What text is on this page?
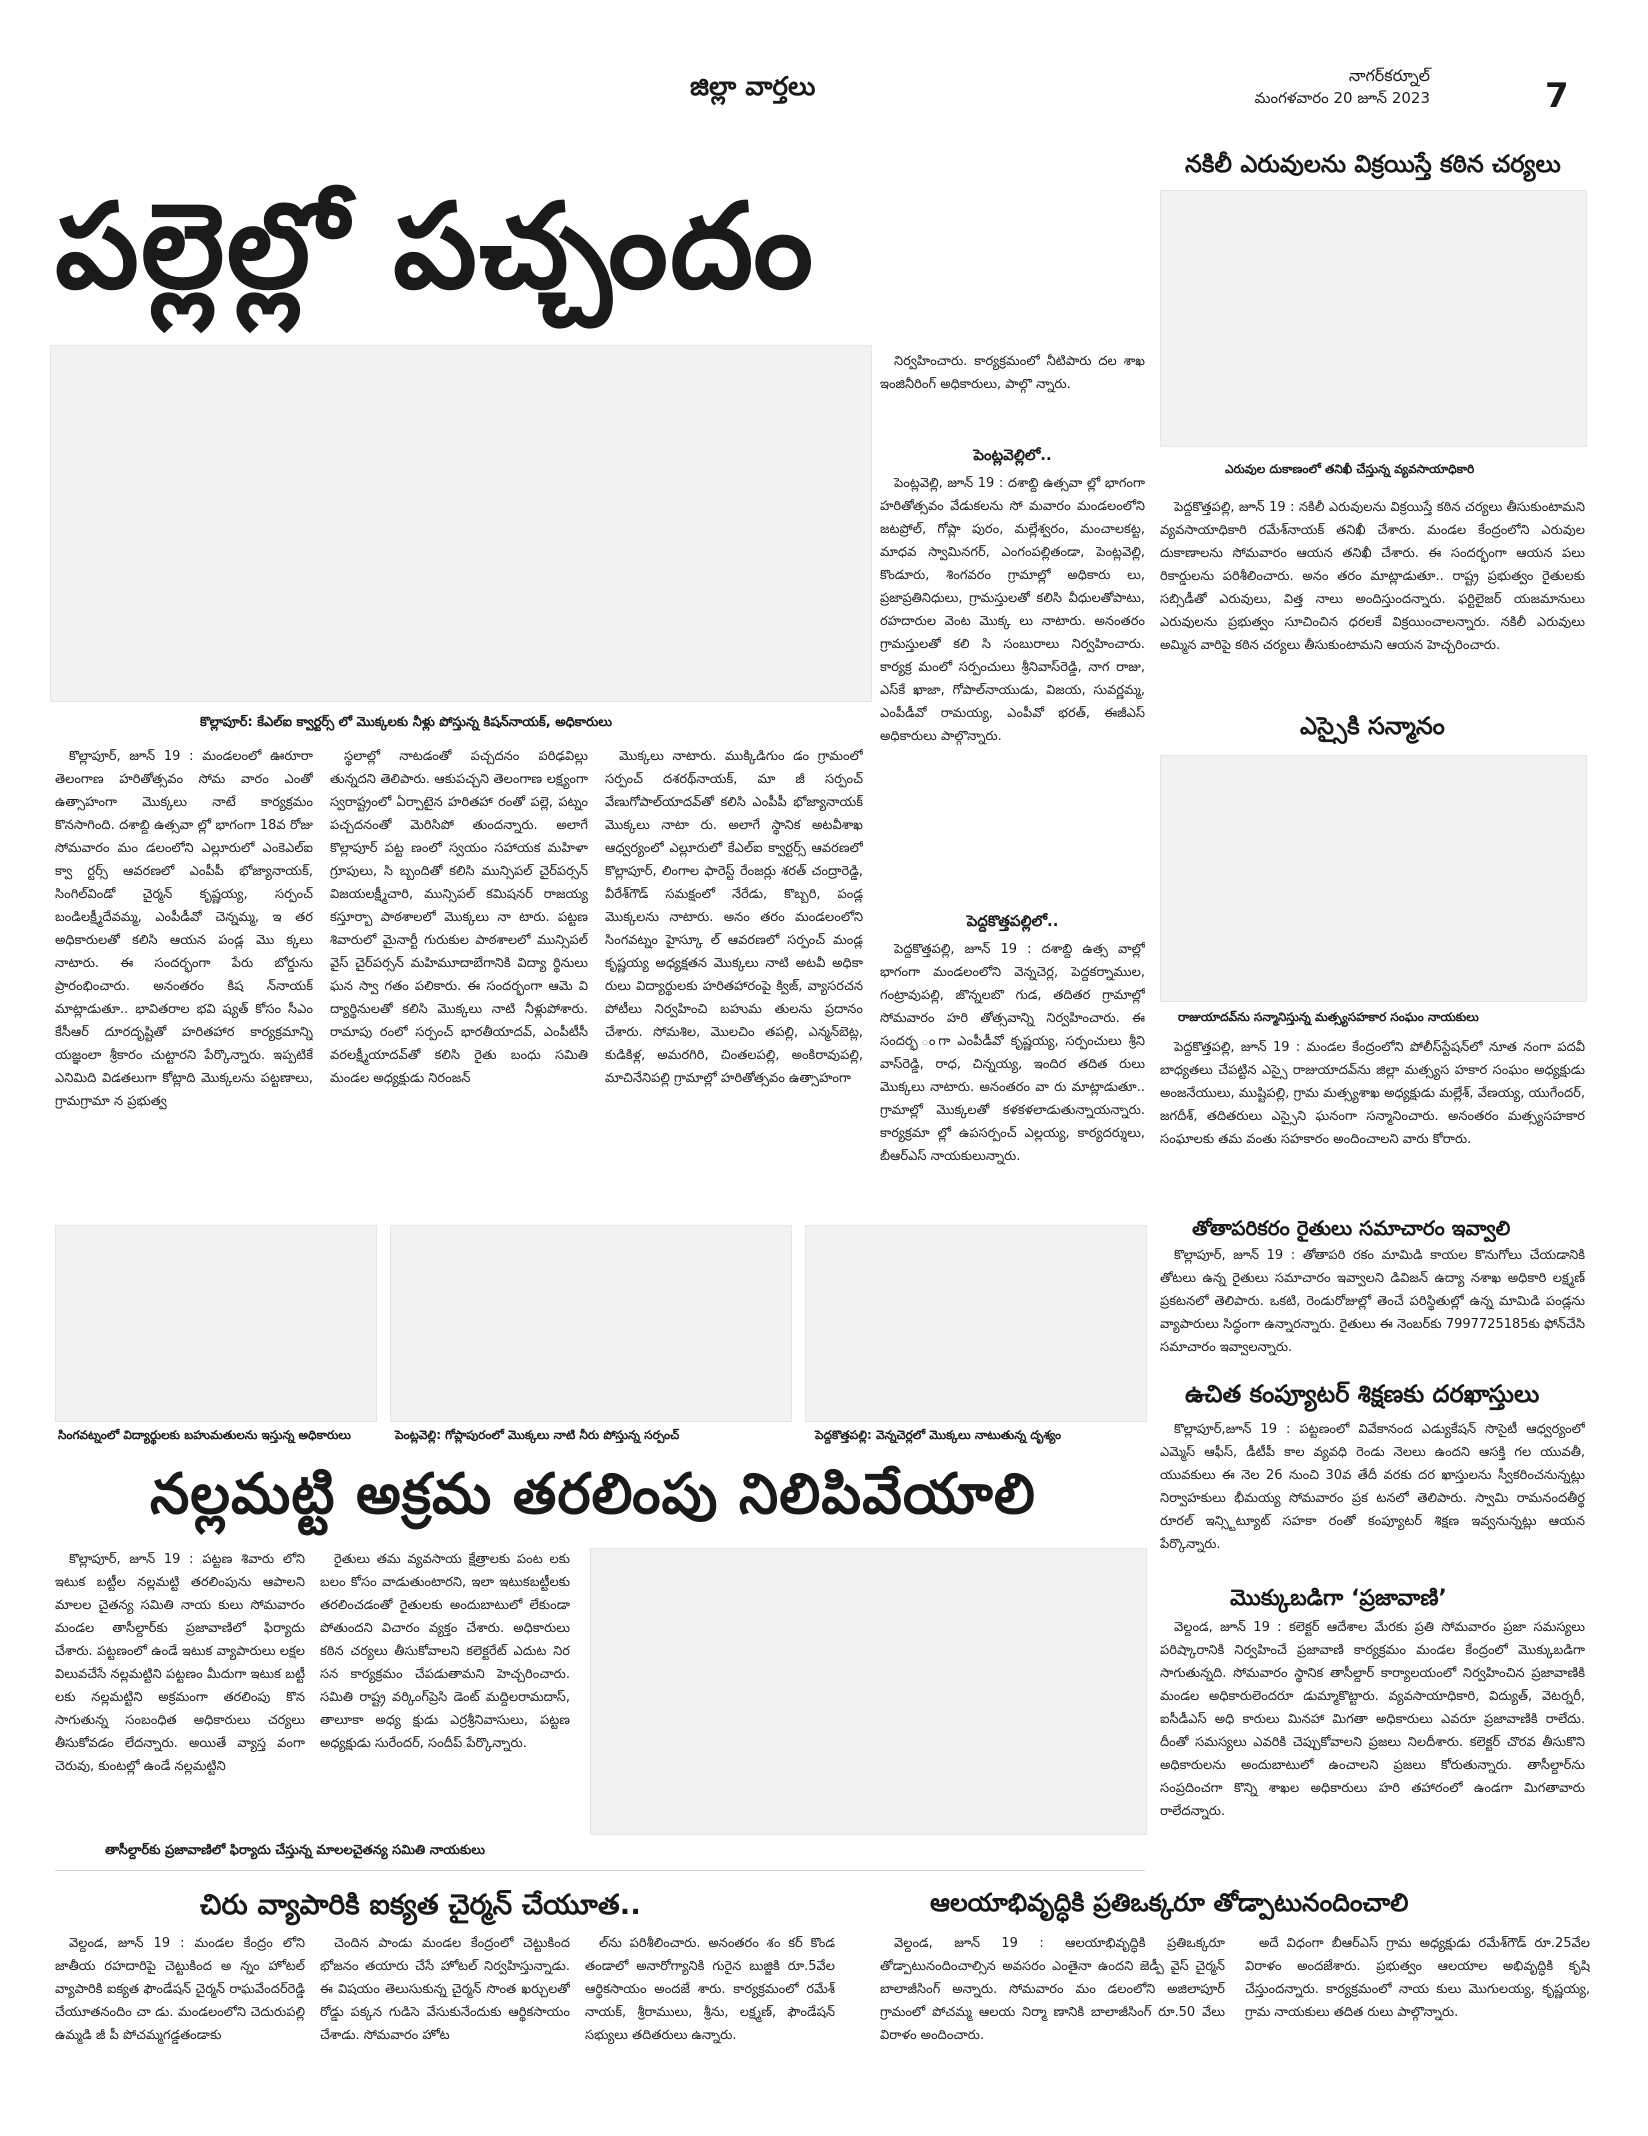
జిల్లా వార్తలు	నాగర్‌కర్నూల్
మంగళవారం 20 జూన్ 2023	7
పల్లెల్లో పచ్చందం
కొల్లాపూర్: కేఎల్ఐ క్వార్టర్స్ లో మొక్కలకు నీళ్లు పోస్తున్న కిషన్‌నాయక్, అధికారులు

కొల్లాపూర్, జూన్ 19 : మండలంలో ఊరూరా తెలంగాణ హరితోత్సవం సోమ వారం ఎంతో ఉత్సాహంగా మొక్కలు నాటే కార్యక్రమం కొనసాగింది. దశాబ్ది ఉత్సవా ల్లో భాగంగా 18వ రోజు సోమవారం మం డలంలోని ఎల్లూరులో ఎంకెఎల్ఐ క్వా ర్టర్స్ ఆవరణలో ఎంపీపీ భోజ్యానాయక్, సింగిల్‌విండో చైర్మన్ కృష్ణయ్య, సర్పంచ్ బండిలక్ష్మీదేవమ్మ, ఎంపీడీవో చెన్నమ్మ, ఇ తర అధికారులతో కలిసి ఆయన పండ్ల మొ క్కలు నాటారు. ఈ సందర్భంగా పేరు బోర్డును ప్రారంభించారు. అనంతరం కిష న్‌నాయక్ మాట్లాడుతూ.. భావితరాల భవి ష్యత్ కోసం సీఎం కేసీఆర్ దూరదృష్టితో హరితహార కార్యక్రమాన్ని యజ్ఞంలా శ్రీకారం చుట్టారని పేర్కొన్నారు. ఇప్పటికే ఎనిమిది విడతలుగా కోట్లాది మొక్కలను పట్టణాలు, గ్రామగ్రామా న ప్రభుత్వ

స్థలాల్లో నాటడంతో పచ్చదనం పరిఢవిల్లు తున్నదని తెలిపారు. ఆకుపచ్చని తెలంగాణ లక్ష్యంగా స్వరాష్ట్రంలో ఏర్పాటైన హరితహా రంతో పల్లె, పట్నం పచ్చదనంతో మెరిసిపో తుందన్నారు. అలాగే కొల్లాపూర్ పట్ట ణంలో స్వయం సహాయక మహిళా గ్రూపులు, సి బ్బందితో కలిసి మున్సిపల్ చైర్‌పర్సన్ విజయలక్ష్మీచారి, మున్సిపల్ కమిషనర్ రాజయ్య కస్తూర్బా పాఠశాలలో మొక్కలు నా టారు. పట్టణ శివారులో మైనార్టీ గురుకుల పాఠశాలలో మున్సిపల్ వైస్ చైర్‌పర్సన్ మహిమూదాబేగానికి విద్యా ర్థినులు ఘన స్వా గతం పలికారు. ఈ సందర్భంగా ఆమె వి ద్యార్థినులతో కలిసి మొక్కలు నాటి నీళ్లుపోశారు. రామాపు రంలో సర్పంచ్ భారతీయాదవ్, ఎంపీటీసీ వరలక్ష్మీయాదవ్‌తో కలిసి రైతు బంధు సమితి మండల అధ్యక్షుడు నిరంజన్

మొక్కలు నాటారు. ముక్కిడిగుం డం గ్రామంలో సర్పంచ్ దశరథ్‌నాయక్, మా జీ సర్పంచ్ వేణుగోపాల్‌యాదవ్‌తో కలిసి ఎంపీపీ భోజ్యానాయక్ మొక్కలు నాటా రు. అలాగే స్థానిక అటవీశాఖ ఆధ్వర్యంలో ఎల్లూరులో కేఎల్ఐ క్వార్టర్స్ ఆవరణలో కొల్లాపూర్, లింగాల ఫారెస్ట్ రేంజర్లు శరత్ చంద్రారెడ్డి, వీరేశ్‌గౌడ్ సమక్షంలో నేరేడు, కొబ్బరి, పండ్ల మొక్కలను నాటారు. అనం తరం మండలంలోని సింగవట్నం హైస్కూ ల్ ఆవరణలో సర్పంచ్ మండ్ల కృష్ణయ్య అధ్యక్షతన మొక్కలు నాటి అటవీ అధికా రులు విద్యార్థులకు హరితహారంపై క్విజ్, వ్యాసరచన పోటీలు నిర్వహించి బహుమ తులను ప్రదానం చేశారు. సోమశిల, మొలచిం తపల్లి, ఎన్మన్‌బెట్ల, కుడికిళ్ల, అమరగిరి, చింతలపల్లి, అంకిరావుపల్లి, మాచినేనిపల్లి గ్రామాల్లో హరితోత్సవం ఉత్సాహంగా

నిర్వహించారు. కార్యక్రమంలో నీటిపారు దల శాఖ ఇంజినీరింగ్ అధికారులు, పాల్గొ న్నారు.

పెంట్లవెల్లిలో..

పెంట్లవెల్లి, జూన్ 19 : దశాబ్ది ఉత్సవా ల్లో భాగంగా హరితోత్సవం వేడుకలను సో మవారం మండలంలోని జటప్రోల్, గోప్లా పురం, మల్లేశ్వరం, మంచాలకట్ట, మాధవ స్వామినగర్, ఎంగంపల్లితండా, పెంట్లవెల్లి, కొండూరు, శింగవరం గ్రామాల్లో అధికారు లు, ప్రజాప్రతినిధులు, గ్రామస్తులతో కలిసి వీధులతోపాటు, రహదారుల వెంట మొక్క లు నాటారు. అనంతరం గ్రామస్తులతో కలి సి సంబురాలు నిర్వహించారు. కార్యక్ర మంలో సర్పంచులు శ్రీనివాస్‌రెడ్డి, నాగ రాజు, ఎస్‌కే ఖాజా, గోపాల్‌నాయుడు, విజయ, సువర్ణమ్మ, ఎంపీడీవో రామయ్య, ఎంపీవో భరత్, ఈజీఎస్ అధికారులు పాల్గొన్నారు.

పెద్దకొత్తపల్లిలో..

పెద్దకొత్తపల్లి, జూన్ 19 : దశాబ్ది ఉత్స వాల్లో భాగంగా మండలంలోని వెన్నచెర్ల, పెద్దకర్నాముల, గంట్రావుపల్లి, జొన్నలబొ గుడ, తదితర గ్రామాల్లో సోమవారం హరి తోత్సవాన్ని నిర్వహించారు. ఈ సందర్భ ంగా ఎంపీడీవో కృష్ణయ్య, సర్పంచులు శ్రీని వాస్‌రెడ్డి, రాధ, చిన్నయ్య, ఇందిర తదిత రులు మొక్కలు నాటారు. అనంతరం వా రు మాట్లాడుతూ.. గ్రామాల్లో మొక్కలతో కళకళలాడుతున్నాయన్నారు. కార్యక్రమా ల్లో ఉపసర్పంచ్ ఎల్లయ్య, కార్యదర్శులు, బీఆర్ఎస్ నాయకులున్నారు.

సింగవట్నంలో విద్యార్థులకు బహుమతులను ఇస్తున్న అధికారులు	పెంట్లవెల్లి: గోప్లాపురంలో మొక్కలు నాటి నీరు పోస్తున్న సర్పంచ్	పెద్దకొత్తపల్లి: వెన్నచెర్లలో మొక్కలు నాటుతున్న దృశ్యం
నల్లమట్టి అక్రమ తరలింపు నిలిపివేయాలి

కొల్లాపూర్, జూన్ 19 : పట్టణ శివారు లోని ఇటుక బట్టీల నల్లమట్టి తరలింపును ఆపాలని మాలల చైతన్య సమితి నాయ కులు సోమవారం మండల తాసీల్దార్‌కు ప్రజావాణిలో ఫిర్యాదు చేశారు. పట్టణంలో ఉండే ఇటుక వ్యాపారులు లక్షల విలువచేసే నల్లమట్టిని పట్టణం మీదుగా ఇటుక బట్టీ లకు నల్లమట్టిని అక్రమంగా తరలింపు కొన సాగుతున్న సంబంధిత అధికారులు చర్యలు తీసుకోవడం లేదన్నారు. అయితే వ్యాస్త వంగా చెరువు, కుంటల్లో ఉండే నల్లమట్టిని

రైతులు తమ వ్యవసాయ క్షేత్రాలకు పంట లకు బలం కోసం వాడుతుంటారని, ఇలా ఇటుకబట్టీలకు తరలించడంతో రైతులకు అందుబాటులో లేకుండా పోతుందని విచారం వ్యక్తం చేశారు. అధికారులు కఠిన చర్యలు తీసుకోవాలని కలెక్టరేట్ ఎదుట నిర సన కార్యక్రమం చేపడుతామని హెచ్చరించారు. సమితి రాష్ట్ర వర్కింగ్‌ప్రెసి డెంట్ మద్దిలరామదాస్, తాలూకా అధ్య క్షుడు ఎర్రశ్రీనివాసులు, పట్టణ అధ్యక్షుడు సురేందర్, సందీప్ పేర్కొన్నారు.

తాసీల్దార్‌కు ప్రజావాణిలో ఫిర్యాదు చేస్తున్న మాలలచైతన్య సమితి నాయకులు
చిరు వ్యాపారికి ఐక్యత చైర్మన్ చేయూత..

వెల్దండ, జూన్ 19 : మండల కేంద్రం లోని జాతీయ రహదారిపై చెట్టుకింద అ న్నం హోటల్ వ్యాపారికి ఐక్యత ఫౌండేషన్ చైర్మన్ రాఘవేందర్‌రెడ్డి చేయూతనందిం చా డు. మండలంలోని చెదురుపల్లి ఉమ్మడి జీ పీ పోచమ్మగడ్డతండాకు

చెందిన పాండు మండల కేంద్రంలో చెట్టుకింద భోజనం తయారు చేసే హోటల్ నిర్వహిస్తున్నాడు. ఈ విషయం తెలుసుకున్న చైర్మన్ సొంత ఖర్చులతో రోడ్డు పక్కన గుడిసె వేసుకునేందుకు ఆర్థికసాయం చేశాడు. సోమవారం హోట

ల్‌ను పరిశీలించారు. అనంతరం శం కర్ కొండ తండాలో అనారోగ్యానికి గురైన బుజ్జికి రూ.5వేల ఆర్థికసాయం అందజే శారు. కార్యక్రమంలో రమేశ్ నాయక్, శ్రీరాములు, శ్రీను, లక్ష్మణ్, ఫౌండేషన్ సభ్యులు తదితరులు ఉన్నారు.

ఆలయాభివృద్ధికి ప్రతిఒక్కరూ తోడ్పాటునందించాలి

వెల్దండ, జూన్ 19 : ఆలయాభివృద్ధికి ప్రతిఒక్కరూ తోడ్పాటునందించాల్సిన అవసరం ఎంతైనా ఉందని జెడ్పీ వైస్ చైర్మన్ బాలాజీసింగ్ అన్నారు. సోమవారం మం డలంలోని అజిలాపూర్ గ్రామంలో పోచమ్మ ఆలయ నిర్మా ణానికి బాలాజీసింగ్ రూ.50 వేలు విరాళం అందించారు.

అదే విధంగా బీఆర్ఎస్ గ్రామ అధ్యక్షుడు రమేశ్‌గౌడ్ రూ.25వేల విరాళం అందజేశారు. ప్రభుత్వం ఆలయాల అభివృద్ధికి కృషి చేస్తుందన్నారు. కార్యక్రమంలో నాయ కులు మొగులయ్య, కృష్ణయ్య, గ్రామ నాయకులు తదిత రులు పాల్గొన్నారు.

నకిలీ ఎరువులను విక్రయిస్తే కఠిన చర్యలు
ఎరువుల దుకాణంలో తనిఖీ చేస్తున్న వ్యవసాయాధికారి

పెద్దకొత్తపల్లి, జూన్ 19 : నకిలీ ఎరువులను విక్రయిస్తే కఠిన చర్యలు తీసుకుంటామని వ్యవసాయాధికారి రమేశ్‌నాయక్ తనిఖీ చేశారు. మండల కేంద్రంలోని ఎరువుల దుకాణాలను సోమవారం ఆయన తనిఖీ చేశారు. ఈ సందర్భంగా ఆయన పలు రికార్డులను పరిశీలించారు. అనం తరం మాట్లాడుతూ.. రాష్ట్ర ప్రభుత్వం రైతులకు సబ్సిడీతో ఎరువులు, విత్త నాలు అందిస్తుందన్నారు. ఫర్టిలైజర్ యజమానులు ఎరువులను ప్రభుత్వం సూచించిన ధరలకే విక్రయించాలన్నారు. నకిలీ ఎరువులు అమ్మిన వారిపై కఠిన చర్యలు తీసుకుంటామని ఆయన హెచ్చరించారు.

ఎస్సైకి సన్మానం
రాజుయాదవ్‌ను సన్మానిస్తున్న మత్స్యసహకార సంఘం నాయకులు

పెద్దకొత్తపల్లి, జూన్ 19 : మండల కేంద్రంలోని పోలీస్‌స్టేషన్‌లో నూత నంగా పదవీ బాధ్యతలు చేపట్టిన ఎస్సై రాజుయాదవ్‌ను జిల్లా మత్స్యస హకార సంఘం అధ్యక్షుడు అంజనేయులు, ముష్టిపల్లి, గ్రామ మత్స్యశాఖ అధ్యక్షుడు మల్లేశ్, వేణయ్య, యుగేందర్, జగదీశ్, తదితరులు ఎస్సైని ఘనంగా సన్మానించారు. అనంతరం మత్స్యసహకార సంఘాలకు తమ వంతు సహకారం అందించాలని వారు కోరారు.

తోతాపరికరం రైతులు సమాచారం ఇవ్వాలి

కొల్లాపూర్, జూన్ 19 : తోతాపరి రకం మామిడి కాయల కొనుగోలు చేయడానికి తోటలు ఉన్న రైతులు సమాచారం ఇవ్వాలని డివిజన్ ఉద్యా నశాఖ అధికారి లక్ష్మణ్ ప్రకటనలో తెలిపారు. ఒకటి, రెండురోజుల్లో తెంచే పరిస్థితుల్లో ఉన్న మామిడి పండ్లను వ్యాపారులు సిద్ధంగా ఉన్నారన్నారు. రైతులు ఈ నెంబర్‌కు 7997725185కు ఫోన్‌చేసి సమాచారం ఇవ్వాలన్నారు.

ఉచిత కంప్యూటర్ శిక్షణకు దరఖాస్తులు

కొల్లాపూర్,జూన్ 19 : పట్టణంలో వివేకానంద ఎడ్యుకేషన్ సొసైటీ ఆధ్వర్యంలో ఎమ్మెస్ ఆఫీస్, డీటీపీ కాల వ్యవధి రెండు నెలలు ఉందని ఆసక్తి గల యువతీ, యువకులు ఈ నెల 26 నుంచి 30వ తేదీ వరకు దర ఖాస్తులను స్వీకరించనున్నట్లు నిర్వాహకులు భీమయ్య సోమవారం ప్రక టనలో తెలిపారు. స్వామి రామనందతీర్థ రూరల్ ఇన్స్టిట్యూట్ సహకా రంతో కంప్యూటర్ శిక్షణ ఇవ్వనున్నట్లు ఆయన పేర్కొన్నారు.

మొక్కుబడిగా ‘ప్రజావాణి’

వెల్దండ, జూన్ 19 : కలెక్టర్ ఆదేశాల మేరకు ప్రతి సోమవారం ప్రజా సమస్యలు పరిష్కారానికి నిర్వహించే ప్రజావాణి కార్యక్రమం మండల కేంద్రంలో మొక్కుబడిగా సాగుతున్నది. సోమవారం స్థానిక తాసీల్దార్ కార్యాలయంలో నిర్వహించిన ప్రజావాణికి మండల అధికారులెందరూ డుమ్మాకొట్టారు. వ్యవసాయాధికారి, విద్యుత్, వెటర్నరీ, ఐసీడీఎస్ అధి కారులు మినహా మిగతా అధికారులు ఎవరూ ప్రజావాణికి రాలేదు. దీంతో సమస్యలు ఎవరికి చెప్పుకోవాలని ప్రజలు నిలదీశారు. కలెక్టర్ చొరవ తీసుకొని అధికారులను అందుబాటులో ఉంచాలని ప్రజలు కోరుతున్నారు. తాసీల్దార్‌ను సంప్రదించగా కొన్ని శాఖల అధికారులు హరి తహారంలో ఉండగా మిగతావారు రాలేదన్నారు.
